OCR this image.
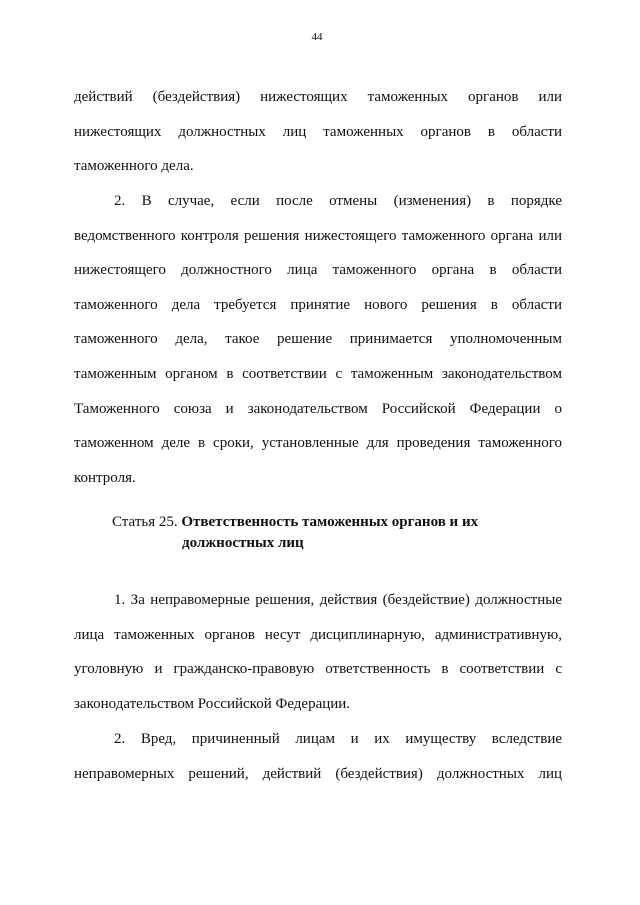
44
действий (бездействия) нижестоящих таможенных органов или
нижестоящих должностных лиц таможенных органов в области
таможенного дела.
2. В случае, если после отмены (изменения) в порядке
ведомственного контроля решения нижестоящего таможенного органа или
нижестоящего должностного лица таможенного органа в области
таможенного дела требуется принятие нового решения в области
таможенного дела, такое решение принимается уполномоченным
таможенным органом в соответствии с таможенным законодательством
Таможенного союза и законодательством Российской Федерации о
таможенном деле в сроки, установленные для проведения таможенного
контроля.
Статья 25. Ответственность таможенных органов и их
должностных лиц
1. За неправомерные решения, действия (бездействие) должностные
лица таможенных органов несут дисциплинарную, административную,
уголовную и гражданско-правовую ответственность в соответствии с
законодательством Российской Федерации.
2. Вред, причиненный лицам и их имуществу вследствие
неправомерных решений, действий (бездействия) должностных лиц
